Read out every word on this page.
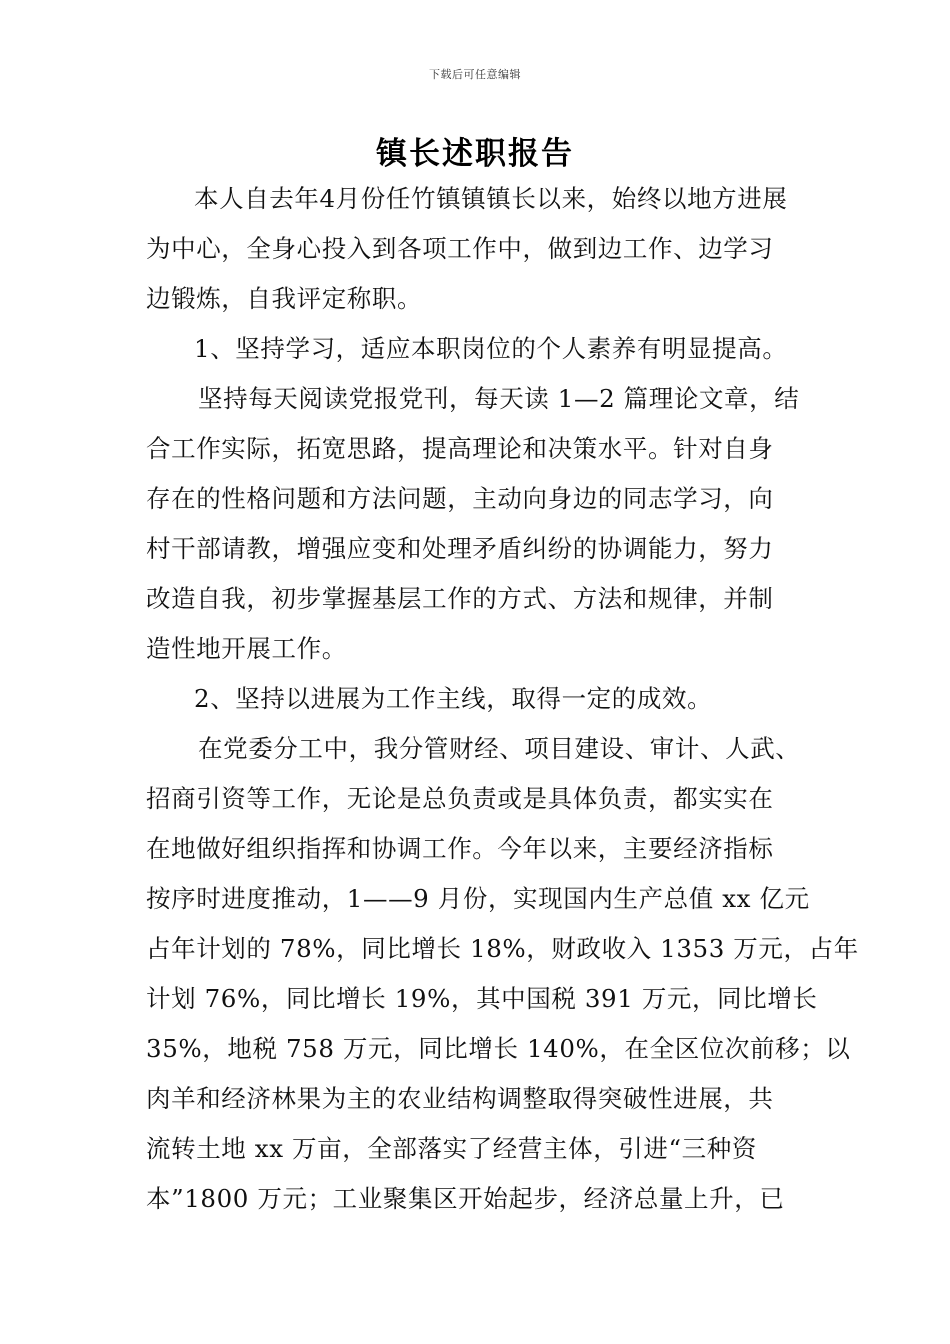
下载后可任意编辑
镇长述职报告
本人自去年4月份任竹镇镇镇长以来，始终以地方进展
为中心，全身心投入到各项工作中，做到边工作、边学习
边锻炼，自我评定称职。
1、坚持学习，适应本职岗位的个人素养有明显提高。
坚持每天阅读党报党刊，每天读 1—2 篇理论文章，结
合工作实际，拓宽思路，提高理论和决策水平。针对自身
存在的性格问题和方法问题，主动向身边的同志学习，向
村干部请教，增强应变和处理矛盾纠纷的协调能力，努力
改造自我，初步掌握基层工作的方式、方法和规律，并制
造性地开展工作。
2、坚持以进展为工作主线，取得一定的成效。
在党委分工中，我分管财经、项目建设、审计、人武、
招商引资等工作，无论是总负责或是具体负责，都实实在
在地做好组织指挥和协调工作。今年以来，主要经济指标
按序时进度推动，1——9 月份，实现国内生产总值 xx 亿元
占年计划的 78%，同比增长 18%，财政收入 1353 万元，占年
计划 76%，同比增长 19%，其中国税 391 万元，同比增长
35%，地税 758 万元，同比增长 140%，在全区位次前移；以
肉羊和经济林果为主的农业结构调整取得突破性进展，共
流转土地 xx 万亩，全部落实了经营主体，引进“三种资
本”1800 万元；工业聚集区开始起步，经济总量上升，已
